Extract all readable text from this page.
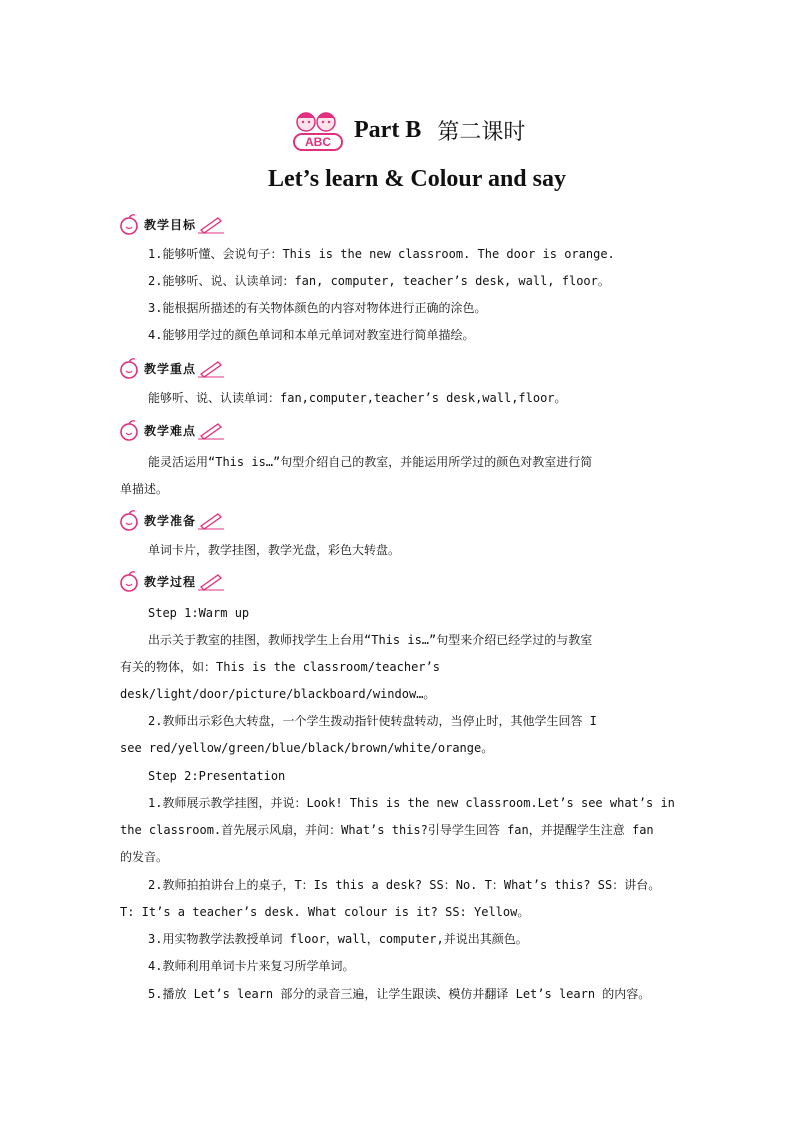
ABC Part B 第二课时
Let’s learn & Colour and say
教学目标
1.能够听懂、会说句子：This is the new classroom. The door is orange.
2.能够听、说、认读单词：fan, computer, teacher’s desk, wall, floor。
3.能根据所描述的有关物体颜色的内容对物体进行正确的涂色。
4.能够用学过的颜色单词和本单元单词对教室进行简单描绘。
教学重点
能够听、说、认读单词：fan,computer,teacher’s desk,wall,floor。
教学难点
能灵活运用“This is…”句型介绍自己的教室，并能运用所学过的颜色对教室进行简
单描述。
教学准备
单词卡片，教学挂图，教学光盘，彩色大转盘。
教学过程
Step 1:Warm up
出示关于教室的挂图，教师找学生上台用“This is…”句型来介绍已经学过的与教室
有关的物体，如：This is the classroom/teacher’s
desk/light/door/picture/blackboard/window…。
2.教师出示彩色大转盘，一个学生拨动指针使转盘转动，当停止时，其他学生回答 I
see red/yellow/green/blue/black/brown/white/orange。
Step 2:Presentation
1.教师展示教学挂图，并说：Look! This is the new classroom.Let’s see what’s in
the classroom.首先展示风扇，并问：What’s this?引导学生回答 fan，并提醒学生注意 fan
的发音。
2.教师拍拍讲台上的桌子，T：Is this a desk? SS：No. T：What’s this? SS：讲台。
T: It’s a teacher’s desk. What colour is it? SS: Yellow。
3.用实物教学法教授单词 floor，wall，computer,并说出其颜色。
4.教师利用单词卡片来复习所学单词。
5.播放 Let’s learn 部分的录音三遍，让学生跟读、模仿并翻译 Let’s learn 的内容。
